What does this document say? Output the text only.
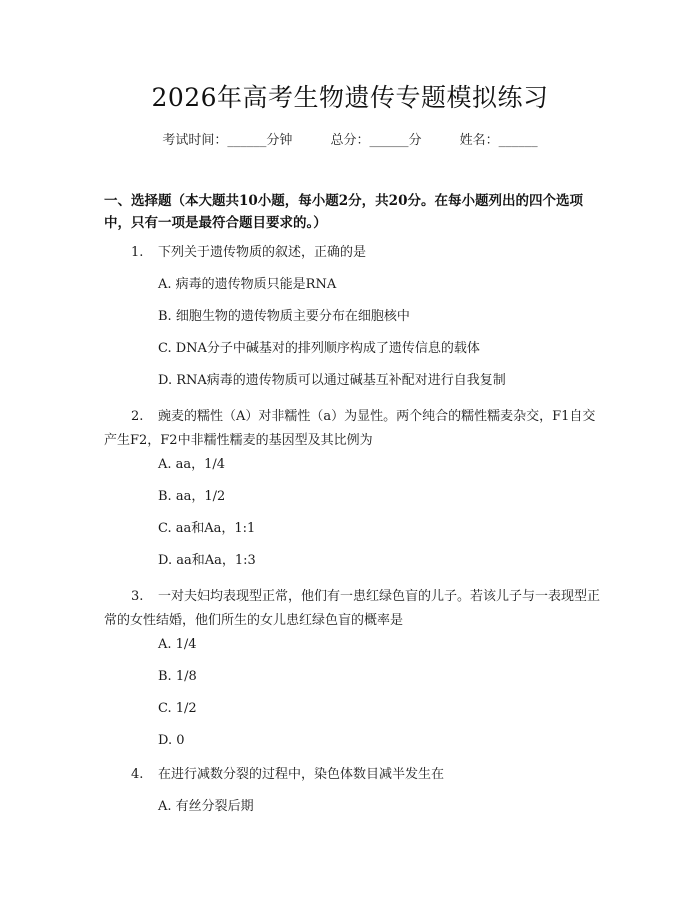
2026年高考生物遗传专题模拟练习
考试时间：______分钟	总分：______分	姓名：______
一、选择题（本大题共10小题，每小题2分，共20分。在每小题列出的四个选项中，只有一项是最符合题目要求的。）
1. 下列关于遗传物质的叙述，正确的是
A. 病毒的遗传物质只能是RNA
B. 细胞生物的遗传物质主要分布在细胞核中
C. DNA分子中碱基对的排列顺序构成了遗传信息的载体
D. RNA病毒的遗传物质可以通过碱基互补配对进行自我复制
2. 豌麦的糯性（A）对非糯性（a）为显性。两个纯合的糯性糯麦杂交，F1自交产生F2，F2中非糯性糯麦的基因型及其比例为
A. aa，1/4
B. aa，1/2
C. aa和Aa，1:1
D. aa和Aa，1:3
3. 一对夫妇均表现型正常，他们有一患红绿色盲的儿子。若该儿子与一表现型正常的女性结婚，他们所生的女儿患红绿色盲的概率是
A. 1/4
B. 1/8
C. 1/2
D. 0
4. 在进行减数分裂的过程中，染色体数目减半发生在
A. 有丝分裂后期
